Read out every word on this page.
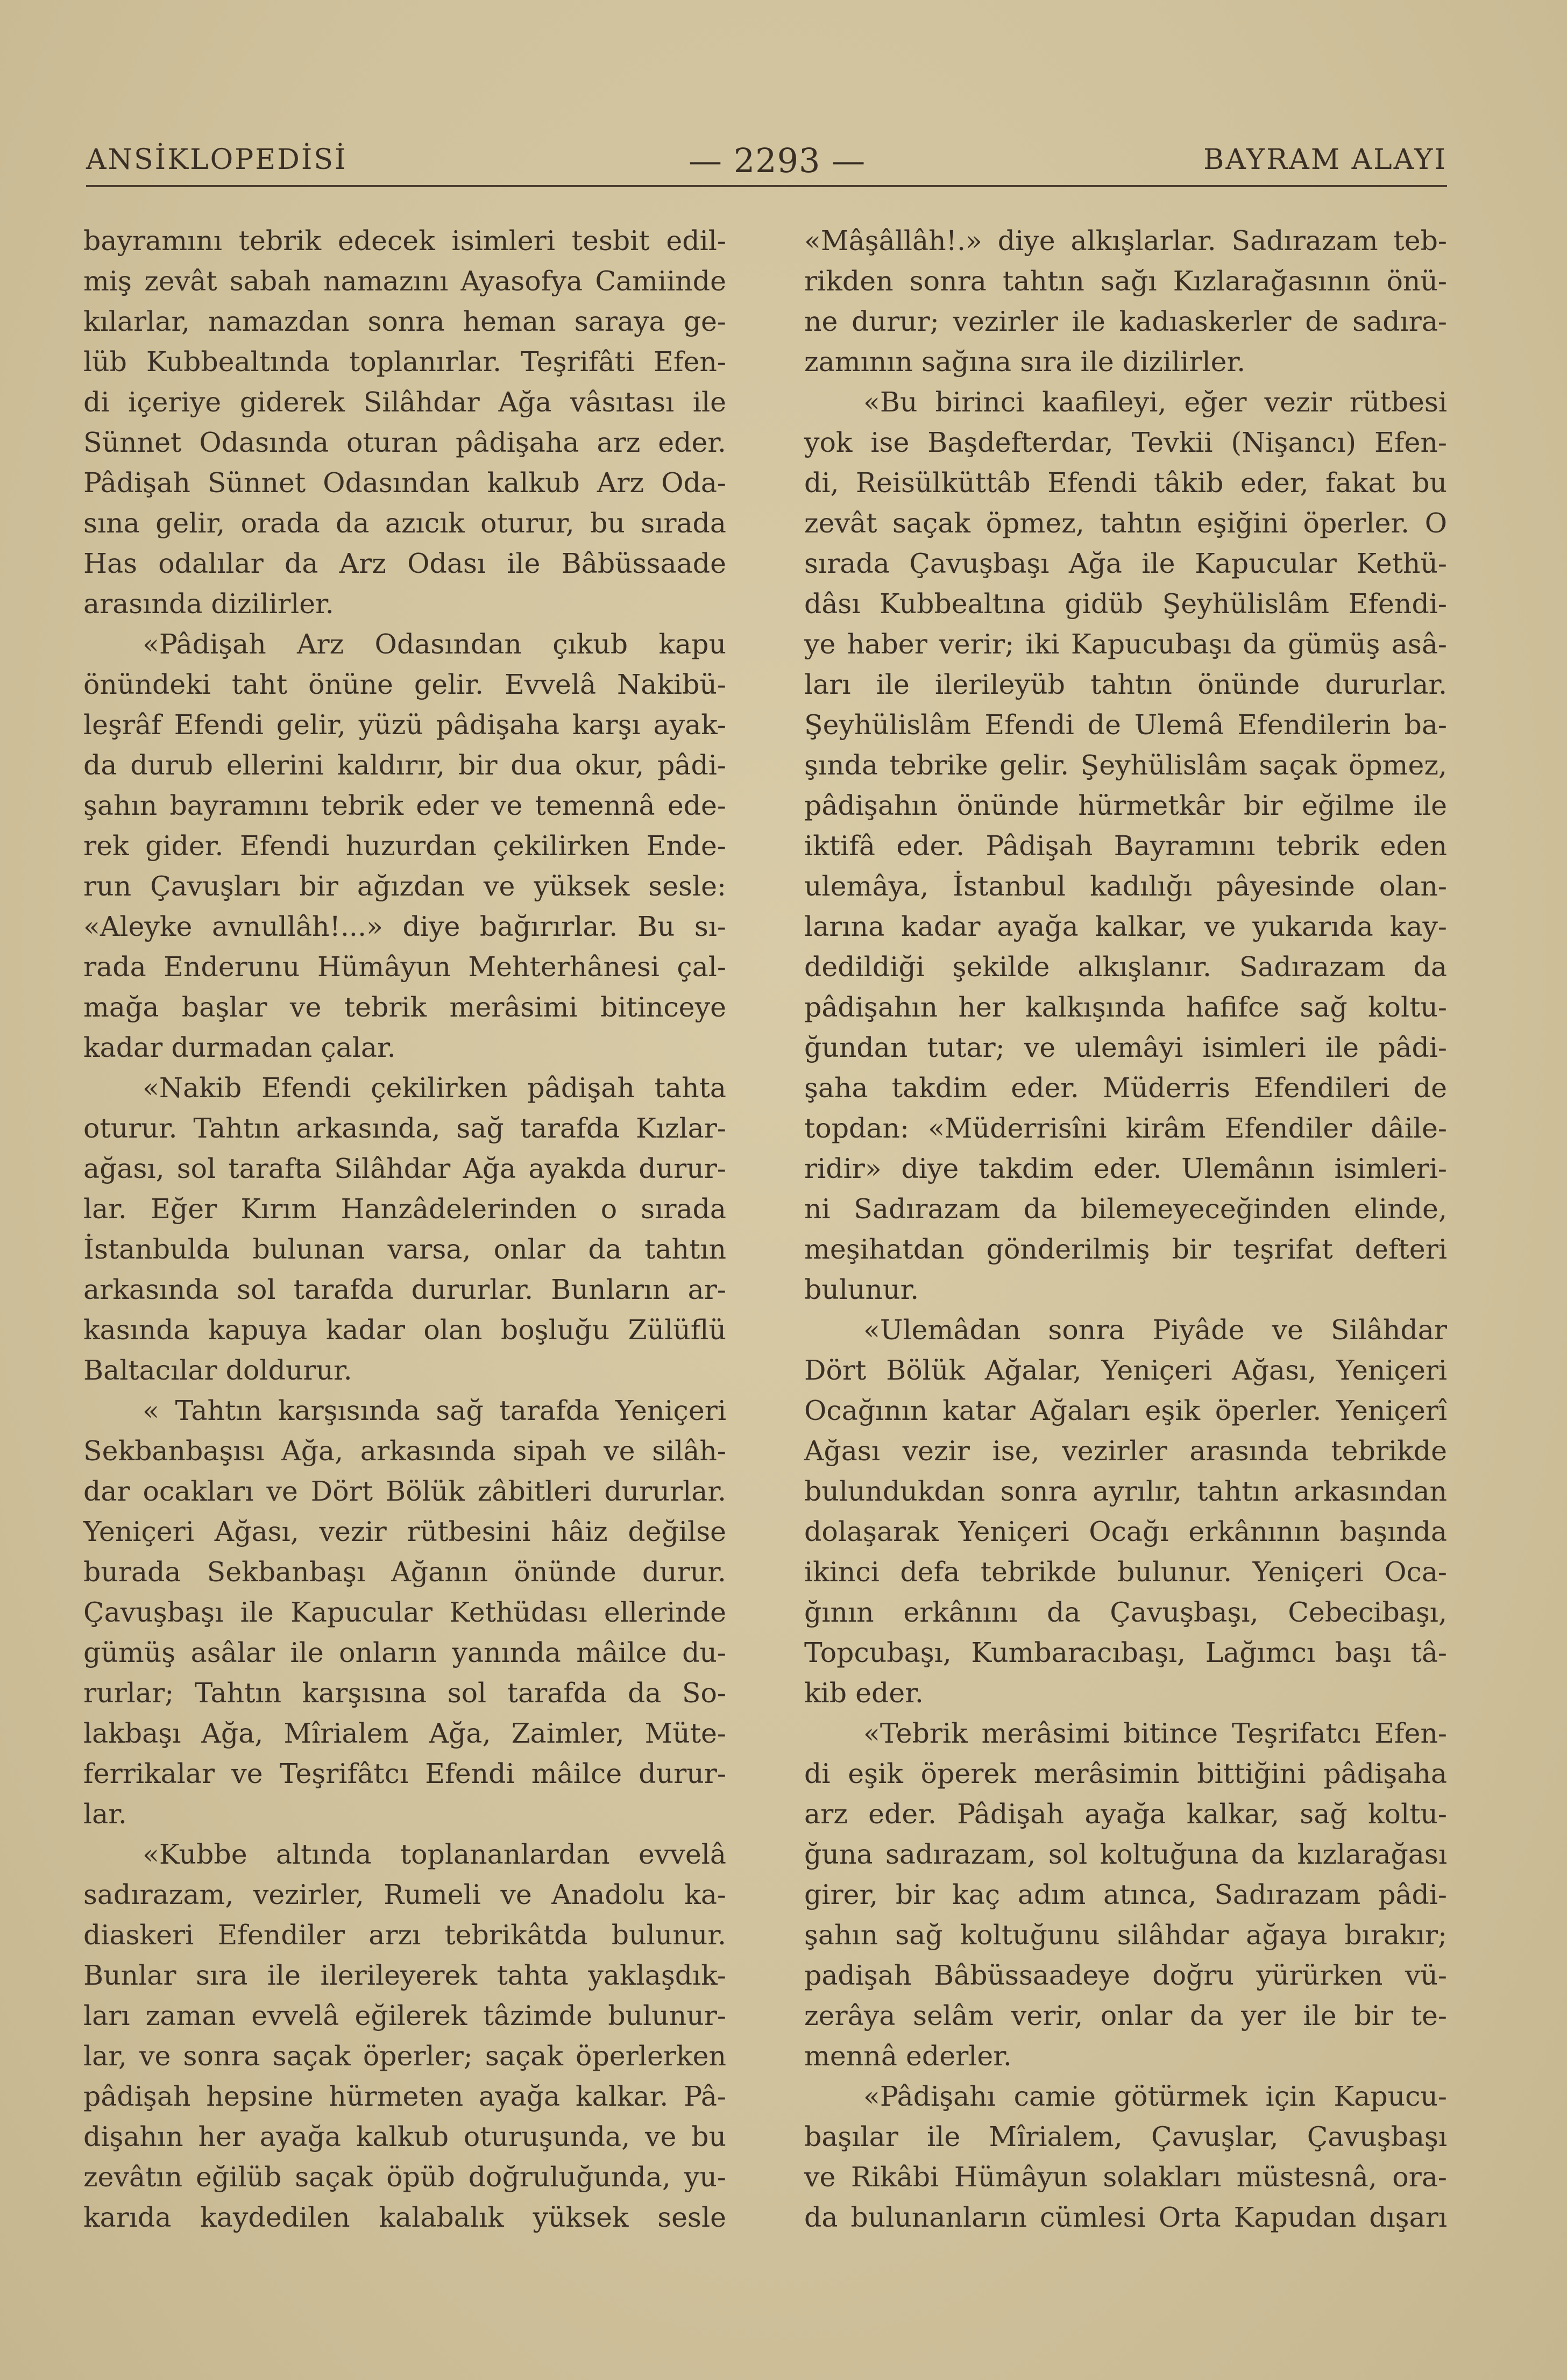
ANSİKLOPEDİSİ	— 2293 —	BAYRAM ALAYI
bayramını tebrik edecek isimleri tesbit edil-
miş zevât sabah namazını Ayasofya Camiinde
kılarlar, namazdan sonra heman saraya ge-
lüb Kubbealtında toplanırlar. Teşrifâti Efen-
di içeriye giderek Silâhdar Ağa vâsıtası ile
Sünnet Odasında oturan pâdişaha arz eder.
Pâdişah Sünnet Odasından kalkub Arz Oda-
sına gelir, orada da azıcık oturur, bu sırada
Has odalılar da Arz Odası ile Bâbüssaade
arasında dizilirler.
«Pâdişah Arz Odasından çıkub kapu
önündeki taht önüne gelir. Evvelâ Nakibü-
leşrâf Efendi gelir, yüzü pâdişaha karşı ayak-
da durub ellerini kaldırır, bir dua okur, pâdi-
şahın bayramını tebrik eder ve temennâ ede-
rek gider. Efendi huzurdan çekilirken Ende-
run Çavuşları bir ağızdan ve yüksek sesle:
«Aleyke avnullâh!...» diye bağırırlar. Bu sı-
rada Enderunu Hümâyun Mehterhânesi çal-
mağa başlar ve tebrik merâsimi bitinceye
kadar durmadan çalar.
«Nakib Efendi çekilirken pâdişah tahta
oturur. Tahtın arkasında, sağ tarafda Kızlar-
ağası, sol tarafta Silâhdar Ağa ayakda durur-
lar. Eğer Kırım Hanzâdelerinden o sırada
İstanbulda bulunan varsa, onlar da tahtın
arkasında sol tarafda dururlar. Bunların ar-
kasında kapuya kadar olan boşluğu Zülüflü
Baltacılar doldurur.
« Tahtın karşısında sağ tarafda Yeniçeri
Sekbanbaşısı Ağa, arkasında sipah ve silâh-
dar ocakları ve Dört Bölük zâbitleri dururlar.
Yeniçeri Ağası, vezir rütbesini hâiz değilse
burada Sekbanbaşı Ağanın önünde durur.
Çavuşbaşı ile Kapucular Kethüdası ellerinde
gümüş asâlar ile onların yanında mâilce du-
rurlar; Tahtın karşısına sol tarafda da So-
lakbaşı Ağa, Mîrialem Ağa, Zaimler, Müte-
ferrikalar ve Teşrifâtcı Efendi mâilce durur-
lar.
«Kubbe altında toplananlardan evvelâ
sadırazam, vezirler, Rumeli ve Anadolu ka-
diaskeri Efendiler arzı tebrikâtda bulunur.
Bunlar sıra ile ilerileyerek tahta yaklaşdık-
ları zaman evvelâ eğilerek tâzimde bulunur-
lar, ve sonra saçak öperler; saçak öperlerken
pâdişah hepsine hürmeten ayağa kalkar. Pâ-
dişahın her ayağa kalkub oturuşunda, ve bu
zevâtın eğilüb saçak öpüb doğruluğunda, yu-
karıda kaydedilen kalabalık yüksek sesle
«Mâşâllâh!.» diye alkışlarlar. Sadırazam teb-
rikden sonra tahtın sağı Kızlarağasının önü-
ne durur; vezirler ile kadıaskerler de sadıra-
zamının sağına sıra ile dizilirler.
«Bu birinci kaafileyi, eğer vezir rütbesi
yok ise Başdefterdar, Tevkii (Nişancı) Efen-
di, Reisülküttâb Efendi tâkib eder, fakat bu
zevât saçak öpmez, tahtın eşiğini öperler. O
sırada Çavuşbaşı Ağa ile Kapucular Kethü-
dâsı Kubbealtına gidüb Şeyhülislâm Efendi-
ye haber verir; iki Kapucubaşı da gümüş asâ-
ları ile ilerileyüb tahtın önünde dururlar.
Şeyhülislâm Efendi de Ulemâ Efendilerin ba-
şında tebrike gelir. Şeyhülislâm saçak öpmez,
pâdişahın önünde hürmetkâr bir eğilme ile
iktifâ eder. Pâdişah Bayramını tebrik eden
ulemâya, İstanbul kadılığı pâyesinde olan-
larına kadar ayağa kalkar, ve yukarıda kay-
dedildiği şekilde alkışlanır. Sadırazam da
pâdişahın her kalkışında hafifce sağ koltu-
ğundan tutar; ve ulemâyi isimleri ile pâdi-
şaha takdim eder. Müderris Efendileri de
topdan: «Müderrisîni kirâm Efendiler dâile-
ridir» diye takdim eder. Ulemânın isimleri-
ni Sadırazam da bilemeyeceğinden elinde,
meşihatdan gönderilmiş bir teşrifat defteri
bulunur.
«Ulemâdan sonra Piyâde ve Silâhdar
Dört Bölük Ağalar, Yeniçeri Ağası, Yeniçeri
Ocağının katar Ağaları eşik öperler. Yeniçerî
Ağası vezir ise, vezirler arasında tebrikde
bulundukdan sonra ayrılır, tahtın arkasından
dolaşarak Yeniçeri Ocağı erkânının başında
ikinci defa tebrikde bulunur. Yeniçeri Oca-
ğının erkânını da Çavuşbaşı, Cebecibaşı,
Topcubaşı, Kumbaracıbaşı, Lağımcı başı tâ-
kib eder.
«Tebrik merâsimi bitince Teşrifatcı Efen-
di eşik öperek merâsimin bittiğini pâdişaha
arz eder. Pâdişah ayağa kalkar, sağ koltu-
ğuna sadırazam, sol koltuğuna da kızlarağası
girer, bir kaç adım atınca, Sadırazam pâdi-
şahın sağ koltuğunu silâhdar ağaya bırakır;
padişah Bâbüssaadeye doğru yürürken vü-
zerâya selâm verir, onlar da yer ile bir te-
mennâ ederler.
«Pâdişahı camie götürmek için Kapucu-
başılar ile Mîrialem, Çavuşlar, Çavuşbaşı
ve Rikâbi Hümâyun solakları müstesnâ, ora-
da bulunanların cümlesi Orta Kapudan dışarı
